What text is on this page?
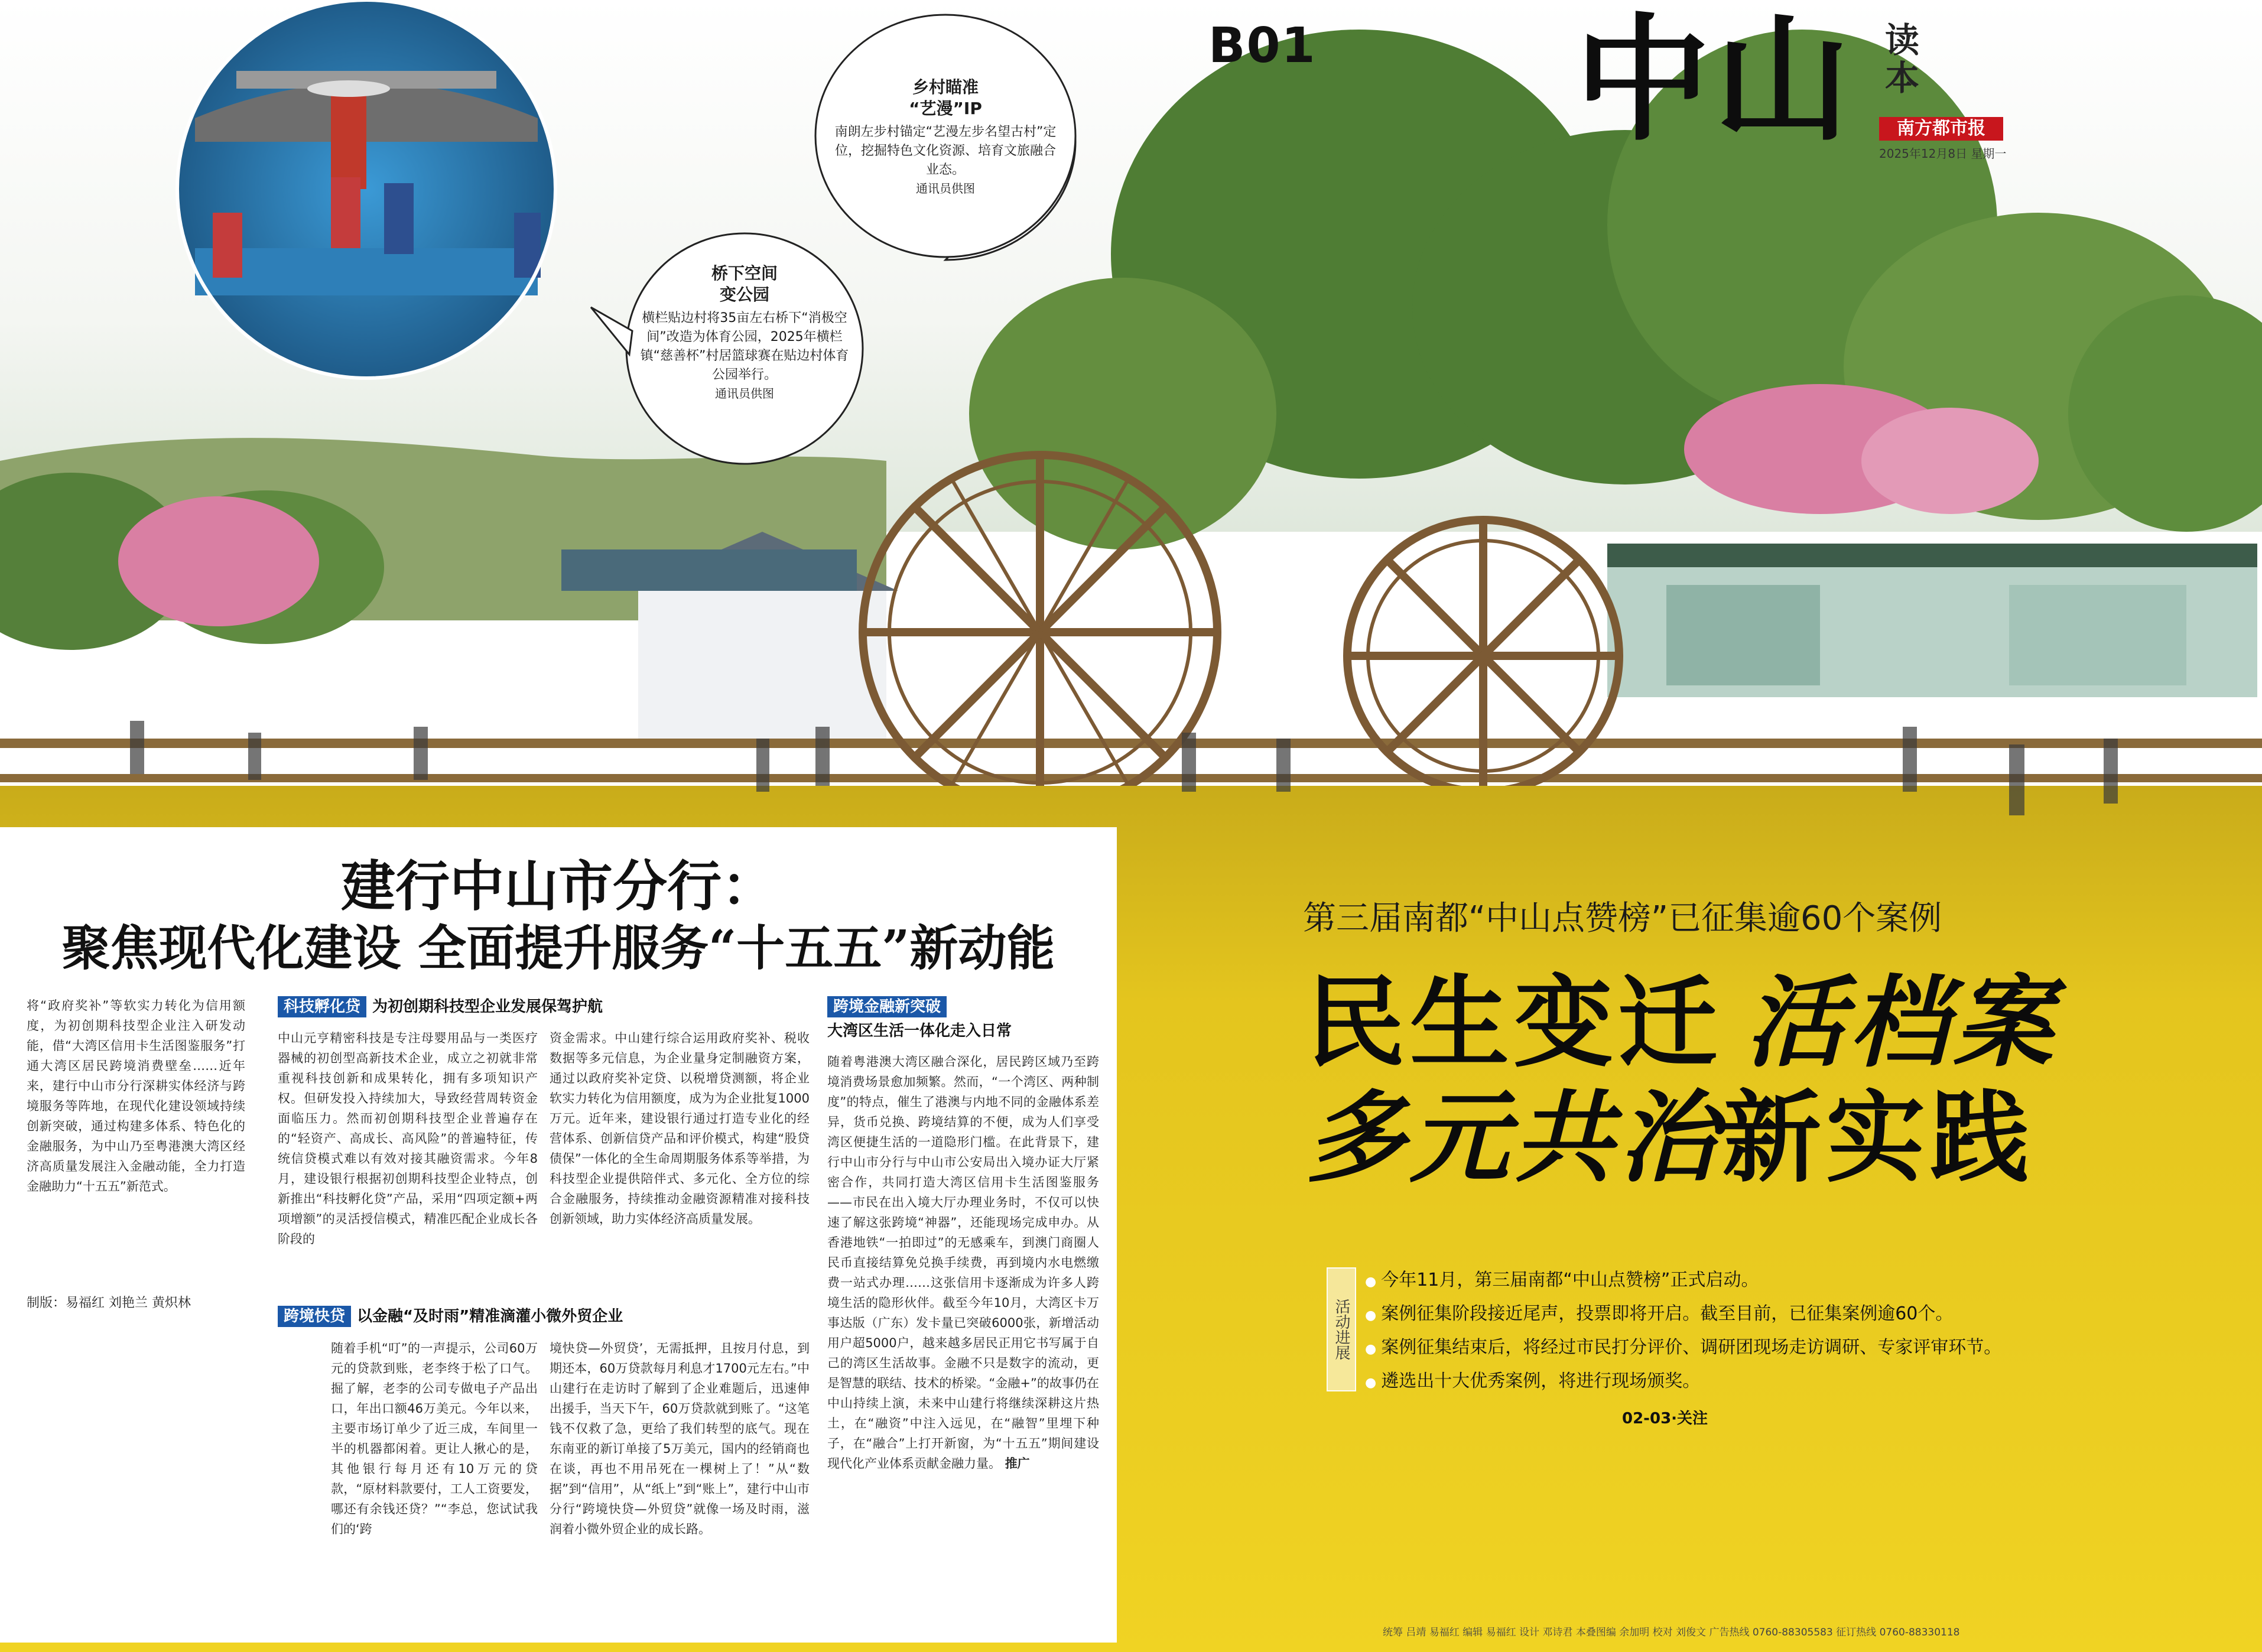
B01 中山 读本
南方都市报
2025年12月8日 星期一
乡村瞄准
“艺漫”IP
南朗左步村锚定“艺漫左步名望古村”定位，挖掘特色文化资源、培育文旅融合业态。
通讯员供图
桥下空间
变公园
横栏贴边村将35亩左右桥下“消极空间”改造为体育公园，2025年横栏镇“慈善杯”村居篮球赛在贴边村体育公园举行。
通讯员供图
建行中山市分行：
聚焦现代化建设 全面提升服务“十五五”新动能
将“政府奖补”等软实力转化为信用额度，为初创期科技型企业注入研发动能，借“大湾区信用卡生活图鉴服务”打通大湾区居民跨境消费壁垒……近年来，建行中山市分行深耕实体经济与跨境服务等阵地，在现代化建设领域持续创新突破，通过构建多体系、特色化的金融服务，为中山乃至粤港澳大湾区经济高质量发展注入金融动能，全力打造金融助力“十五五”新范式。
制版：易福红 刘艳兰 黄炽林
科技孵化贷 为初创期科技型企业发展保驾护航
中山元亨精密科技是专注母婴用品与一类医疗器械的初创型高新技术企业，成立之初就非常重视科技创新和成果转化，拥有多项知识产权。但研发投入持续加大，导致经营周转资金面临压力。然而初创期科技型企业普遍存在的“轻资产、高成长、高风险”的普遍特征，传统信贷模式难以有效对接其融资需求。今年8月，建设银行根据初创期科技型企业特点，创新推出“科技孵化贷”产品，采用“四项定额+两项增额”的灵活授信模式，精准匹配企业成长各阶段的
资金需求。中山建行综合运用政府奖补、税收数据等多元信息，为企业量身定制融资方案，通过以政府奖补定贷、以税增贷测额，将企业软实力转化为信用额度，成为为企业批复1000万元。近年来，建设银行通过打造专业化的经营体系、创新信贷产品和评价模式，构建“股贷债保”一体化的全生命周期服务体系等举措，为科技型企业提供陪伴式、多元化、全方位的综合金融服务，持续推动金融资源精准对接科技创新领域，助力实体经济高质量发展。
跨境快贷 以金融“及时雨”精准滴灌小微外贸企业
随着手机“叮”的一声提示，公司60万元的贷款到账，老李终于松了口气。掘了解，老李的公司专做电子产品出口，年出口额46万美元。今年以来，主要市场订单少了近三成，车间里一半的机器都闲着。更让人揪心的是，其他银行每月还有10万元的贷款，“原材料款要付，工人工资要发，哪还有余钱还贷？”“李总，您试试我们的‘跨
境快贷—外贸贷’，无需抵押，且按月付息，到期还本，60万贷款每月利息才1700元左右。”中山建行在走访时了解到了企业难题后，迅速伸出援手，当天下午，60万贷款就到账了。“这笔钱不仅救了急，更给了我们转型的底气。现在东南亚的新订单接了5万美元，国内的经销商也在谈，再也不用吊死在一棵树上了！”从“数据”到“信用”，从“纸上”到“账上”，建行中山市分行“跨境快贷—外贸贷”就像一场及时雨，滋润着小微外贸企业的成长路。
跨境金融新突破
大湾区生活一体化走入日常
随着粤港澳大湾区融合深化，居民跨区域乃至跨境消费场景愈加频繁。然而，“一个湾区、两种制度”的特点，催生了港澳与内地不同的金融体系差异，货币兑换、跨境结算的不便，成为人们享受湾区便捷生活的一道隐形门槛。在此背景下，建行中山市分行与中山市公安局出入境办证大厅紧密合作，共同打造大湾区信用卡生活图鉴服务——市民在出入境大厅办理业务时，不仅可以快速了解这张跨境“神器”，还能现场完成申办。从香港地铁“一拍即过”的无感乘车，到澳门商圈人民币直接结算免兑换手续费，再到境内水电燃缴费一站式办理……这张信用卡逐渐成为许多人跨境生活的隐形伙伴。截至今年10月，大湾区卡万事达版（广东）发卡量已突破6000张，新增活动用户超5000户，越来越多居民正用它书写属于自己的湾区生活故事。金融不只是数字的流动，更是智慧的联结、技术的桥梁。“金融+”的故事仍在中山持续上演，未来中山建行将继续深耕这片热土，在“融资”中注入远见，在“融智”里埋下种子，在“融合”上打开新窗，为“十五五”期间建设现代化产业体系贡献金融力量。 推广
第三届南都“中山点赞榜”已征集逾60个案例
民生变迁 活档案
多元共治新实践
活动进展
● 今年11月，第三届南都“中山点赞榜”正式启动。
● 案例征集阶段接近尾声，投票即将开启。截至目前，已征集案例逾60个。
● 案例征集结束后，将经过市民打分评价、调研团现场走访调研、专家评审环节。
● 遴选出十大优秀案例，将进行现场颁奖。
02-03·关注
统筹 吕靖 易福红 编辑 易福红 设计 邓诗君 本叠图编 余加明 校对 刘俊文 广告热线 0760-88305583 征订热线 0760-88330118
